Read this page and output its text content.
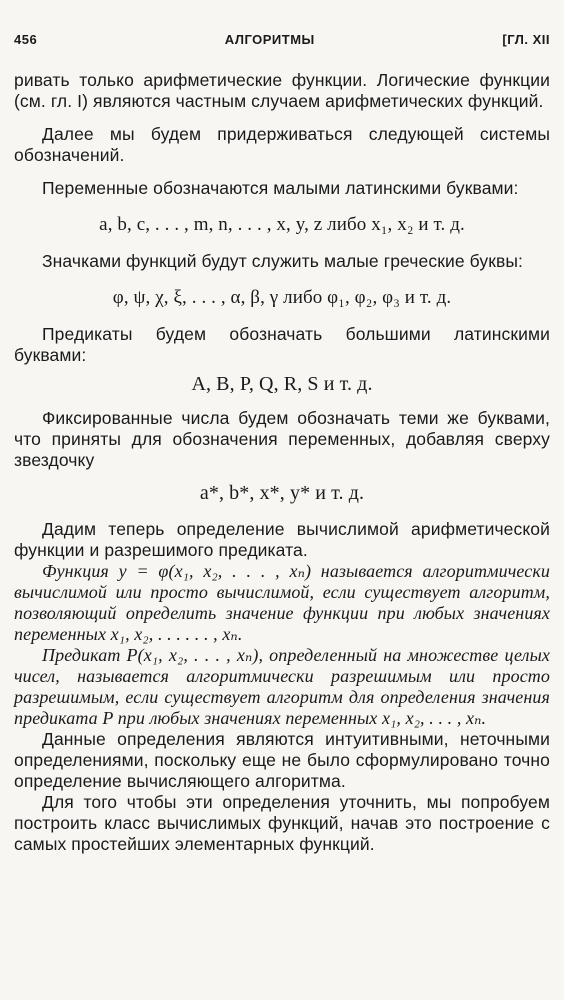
456	АЛГОРИТМЫ	[ГЛ. XII

ривать только арифметические функции. Логические функции (см. гл. I) являются частным случаем арифметических функций.

Далее мы будем придерживаться следующей системы обозначений.

Переменные обозначаются малыми латинскими буквами:

a, b, c, . . . , m, n, . . . , x, y, z либо x₁, x₂ и т. д.

Значками функций будут служить малые греческие буквы:

φ, ψ, χ, ξ, . . . , α, β, γ либо φ₁, φ₂, φ₃ и т. д.

Предикаты будем обозначать большими латинскими буквами:

A, B, P, Q, R, S и т. д.

Фиксированные числа будем обозначать теми же буквами, что приняты для обозначения переменных, добавляя сверху звездочку

a*, b*, x*, y* и т. д.

Дадим теперь определение вычислимой арифметической функции и разрешимого предиката.

Функция y = φ(x₁, x₂, . . . , xₙ) называется алгоритмически вычислимой или просто вычислимой, если существует алгоритм, позволяющий определить значение функции при любых значениях переменных x₁, x₂, . . . . . . , xₙ.

Предикат P(x₁, x₂, . . . , xₙ), определенный на множестве целых чисел, называется алгоритмически разрешимым или просто разрешимым, если существует алгоритм для определения значения предиката P при любых значениях переменных x₁, x₂, . . . , xₙ.

Данные определения являются интуитивными, неточными определениями, поскольку еще не было сформулировано точно определение вычисляющего алгоритма.

Для того чтобы эти определения уточнить, мы попробуем построить класс вычислимых функций, начав это построение с самых простейших элементарных функций.
